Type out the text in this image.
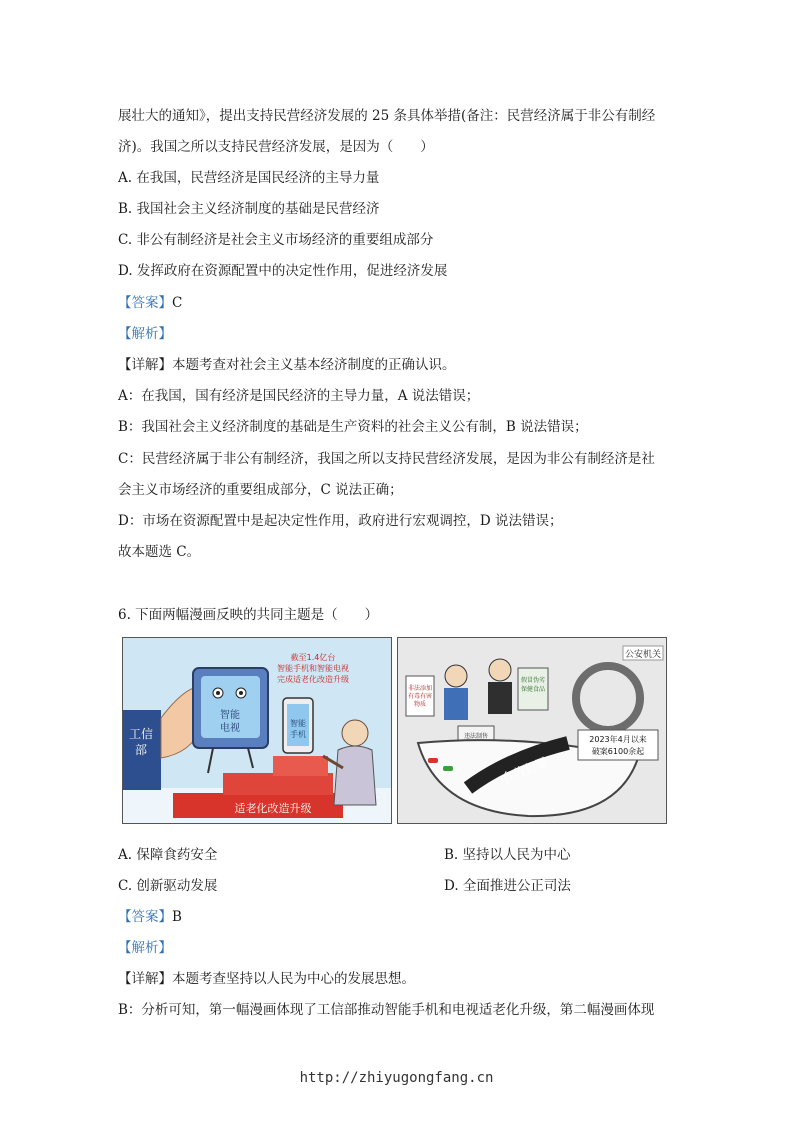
展壮大的通知》，提出支持民营经济发展的 25 条具体举措(备注：民营经济属于非公有制经
济)。我国之所以支持民营经济发展，是因为（　　）
A. 在我国，民营经济是国民经济的主导力量
B. 我国社会主义经济制度的基础是民营经济
C. 非公有制经济是社会主义市场经济的重要组成部分
D. 发挥政府在资源配置中的决定性作用，促进经济发展
【答案】C
【解析】
【详解】本题考查对社会主义基本经济制度的正确认识。
A：在我国，国有经济是国民经济的主导力量，A 说法错误；
B：我国社会主义经济制度的基础是生产资料的社会主义公有制，B 说法错误；
C：民营经济属于非公有制经济，我国之所以支持民营经济发展，是因为非公有制经济是社
会主义市场经济的重要组成部分，C 说法正确；
D：市场在资源配置中是起决定性作用，政府进行宏观调控，D 说法错误；
故本题选 C。
6. 下面两幅漫画反映的共同主题是（　　）
适老化改造升级
工信
部
智能
电视	智能
手机
截至1.4亿台
智能手机和智能电视
完成适老化改造升级
公安机关
非法添加
有毒有害
物质
假冒伪劣
保健食品
违法制售
食药犯罪
2023年4月以来
破案6100余起
A. 保障食药安全	B. 坚持以人民为中心
C. 创新驱动发展	D. 全面推进公正司法
【答案】B
【解析】
【详解】本题考查坚持以人民为中心的发展思想。
B：分析可知，第一幅漫画体现了工信部推动智能手机和电视适老化升级，第二幅漫画体现
http://zhiyugongfang.cn
